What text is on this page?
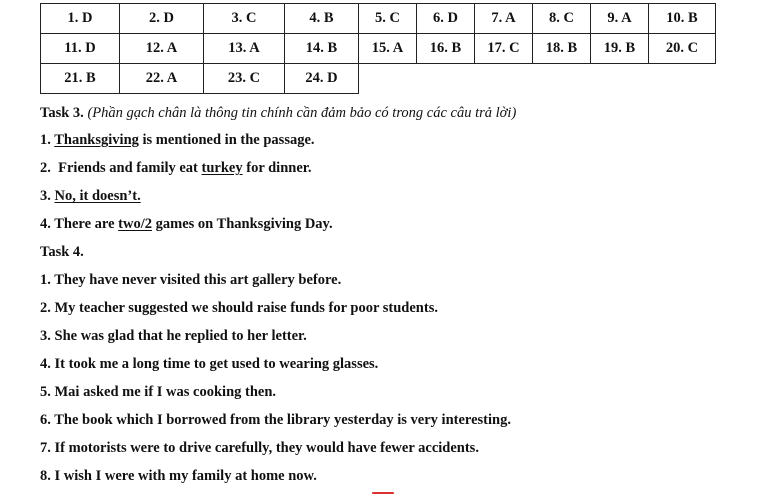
1. D	2. D	3. C	4. B	5. C	6. D	7. A	8. C	9. A	10. B
11. D	12. A	13. A	14. B	15. A	16. B	17. C	18. B	19. B	20. C
21. B	22. A	23. C	24. D						
Task 3. (Phần gạch chân là thông tin chính cần đảm bảo có trong các câu trả lời)
1. Thanksgiving is mentioned in the passage.
2.  Friends and family eat turkey for dinner.
3. No, it doesn’t.
4. There are two/2 games on Thanksgiving Day.
Task 4.
1. They have never visited this art gallery before.
2. My teacher suggested we should raise funds for poor students.
3. She was glad that he replied to her letter.
4. It took me a long time to get used to wearing glasses.
5. Mai asked me if I was cooking then.
6. The book which I borrowed from the library yesterday is very interesting.
7. If motorists were to drive carefully, they would have fewer accidents.
8. I wish I were with my family at home now.
